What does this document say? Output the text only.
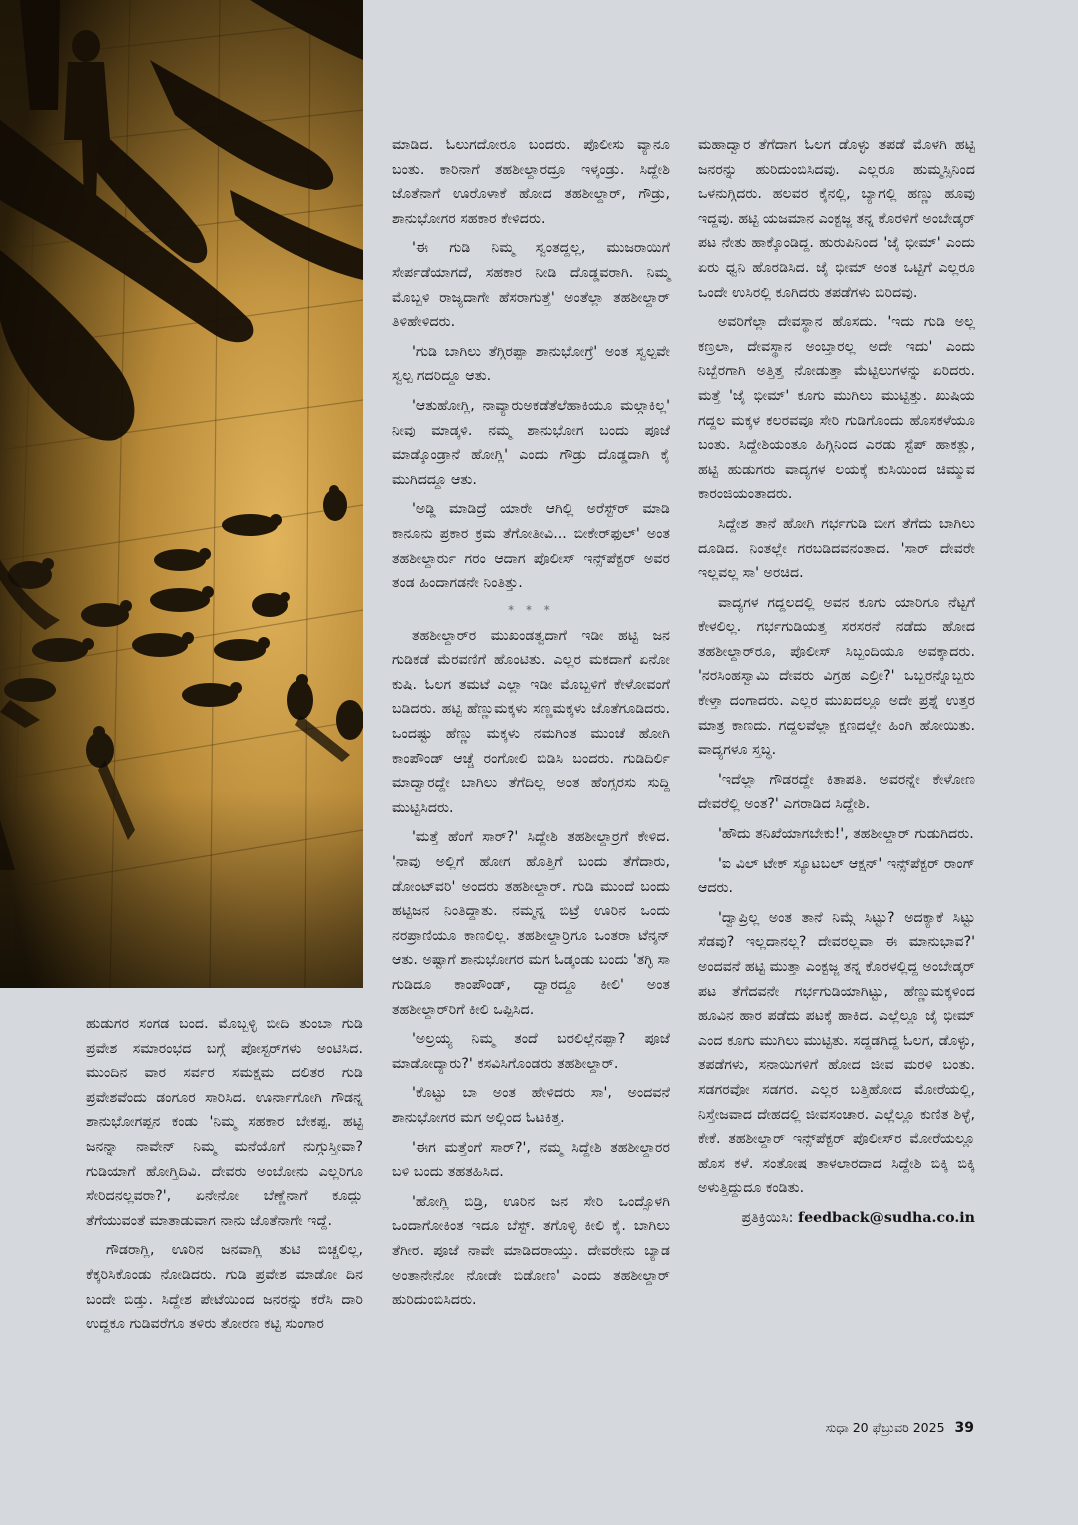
ಹುಡುಗರ ಸಂಗಡ ಬಂದ. ಮೊಬ್ಬಳ್ಳಿ ಬೀದಿ ತುಂಬಾ ಗುಡಿ ಪ್ರವೇಶ ಸಮಾರಂಭದ ಬಗ್ಗೆ ಪೋಸ್ಟರ್‌ಗಳು ಅಂಟಿಸಿದ. ಮುಂದಿನ ವಾರ ಸರ್ವರ ಸಮಕ್ಷಮ ದಲಿತರ ಗುಡಿ ಪ್ರವೇಶವೆಂದು ಡಂಗೂರ ಸಾರಿಸಿದ. ಊರ್ನಾಗೋಗಿ ಗೌಡನ್ನ ಶಾನುಭೋಗಪ್ಪನ ಕಂಡು 'ನಿಮ್ಮ ಸಹಕಾರ ಬೇಕಪ್ಪ. ಹಟ್ಟಿ ಜನನ್ನಾ ನಾವೇನ್ ನಿಮ್ಮ ಮನೆಯೊಗೆ ನುಗ್ಗುಸ್ತೀವಾ? ಗುಡಿಯಾಗೆ ಹೋಗ್ತಿದಿವಿ. ದೇವರು ಅಂಬೋನು ಎಲ್ಲರಿಗೂ ಸೇರಿದನಲ್ಲವರಾ?', ಏನೇನೋ ಬೆಣ್ಣೆನಾಗೆ ಕೂದ್ಲು ತೆಗೆಯುವಂತೆ ಮಾತಾಡುವಾಗ ನಾನು ಜೊತೆನಾಗೇ ಇದ್ದೆ.

ಗೌಡರಾಗ್ಲಿ, ಊರಿನ ಜನವಾಗ್ಲಿ ತುಟಿ ಬಿಚ್ಚಲಿಲ್ಲ, ಕೆಕ್ಕರಿಸಿಕೊಂಡು ನೋಡಿದರು. ಗುಡಿ ಪ್ರವೇಶ ಮಾಡೋ ದಿನ ಬಂದೇ ಬಿಡ್ತು. ಸಿದ್ದೇಶ ಪೇಟೆಯಿಂದ ಜನರನ್ನು ಕರೆಸಿ ದಾರಿ ಉದ್ದಕೂ ಗುಡಿವರೆಗೂ ತಳಿರು ತೋರಣ ಕಟ್ಟಿ ಸುಂಗಾರ

ಮಾಡಿದ. ಓಲುಗದೋರೂ ಬಂದರು. ಪೊಲೀಸು ವ್ಯಾನೂ ಬಂತು. ಕಾರಿನಾಗೆ ತಹಶೀಲ್ದಾರದ್ರೂ ಇಳ್ಕಂಡ್ರು. ಸಿದ್ದೇಶಿ ಜೊತೆನಾಗೆ ಊರೊಳಾಕೆ ಹೋದ ತಹಶೀಲ್ದಾರ್, ಗೌಡ್ರು, ಶಾನುಭೋಗರ ಸಹಕಾರ ಕೇಳಿದರು.

'ಈ ಗುಡಿ ನಿಮ್ಮ ಸ್ವಂತದ್ದಲ್ಲ, ಮುಜರಾಯಿಗೆ ಸೇರ್ಪಡೆಯಾಗದೆ, ಸಹಕಾರ ನೀಡಿ ದೊಡ್ಡವರಾಗಿ. ನಿಮ್ಮ ಮೊಬ್ಬಳಿ ರಾಜ್ಯದಾಗೇ ಹೆಸರಾಗುತ್ತೆ' ಅಂತೆಲ್ಲಾ ತಹಶೀಲ್ದಾರ್ ತಿಳಿಹೇಳಿದರು.

'ಗುಡಿ ಬಾಗಿಲು ತೆಗ್ಗಿರಪ್ಪಾ ಶಾನುಭೋಗ್ರೆ' ಅಂತ ಸ್ವಲ್ಪವೇ ಸ್ವಲ್ಪ ಗದರಿದ್ದೂ ಆತು.

'ಆತುಹೋಗ್ಲಿ, ನಾವ್ಯಾರುಅಕಡೆತೆಲೆಹಾಕಿಯೂ ಮಲ್ಗಾಕಿಲ್ಲ' ನೀವು ಮಾಡ್ಕಳಿ. ನಮ್ಮ ಶಾನುಭೋಗ ಬಂದು ಪೂಜೆ ಮಾಡ್ಕೊಂಡ್ರಾನೆ ಹೋಗ್ಲಿ' ಎಂದು ಗೌಡ್ರು ದೊಡ್ಡದಾಗಿ ಕೈ ಮುಗಿದದ್ದೂ ಆತು.

'ಅಡ್ಡಿ ಮಾಡಿದ್ರೆ ಯಾರೇ ಆಗಿಲ್ಲಿ ಅರೆಸ್ಟ್‌ರ್ ಮಾಡಿ ಕಾನೂನು ಪ್ರಕಾರ ಕ್ರಮ ತೆಗೋತೀವಿ... ಬೀಕೇರ್‌ಫುಲ್' ಅಂತ ತಹಶೀಲ್ದಾರ್ರು ಗರಂ ಆದಾಗ ಪೊಲೀಸ್ ಇನ್ಸ್‌ಪೆಕ್ಟರ್ ಅವರ ತಂಡ ಹಿಂದಾಗಡನೇ ನಿಂತಿತ್ತು.

* * *

ತಹಶೀಲ್ದಾರ್‌ರ ಮುಖಂಡತ್ವದಾಗೆ ಇಡೀ ಹಟ್ಟಿ ಜನ ಗುಡಿಕಡೆ ಮೆರವಣಿಗೆ ಹೊಂಟಿತು. ಎಲ್ಲರ ಮಕದಾಗೆ ಏನೋ ಕುಷಿ. ಓಲಗ ತಮಟೆ ಎಲ್ಲಾ ಇಡೀ ಮೊಬ್ಬಳಿಗೆ ಕೇಳೋವಂಗೆ ಬಡಿದರು. ಹಟ್ಟಿ ಹೆಣ್ಣುಮಕ್ಕಳು ಸಣ್ಣಮಕ್ಕಳು ಜೊತೆಗೂಡಿದರು. ಒಂದಷ್ಟು ಹೆಣ್ಣು ಮಕ್ಕಳು ನಮಗಿಂತ ಮುಂಚೆ ಹೋಗಿ ಕಾಂಪೌಂಡ್ ಆಚ್ಚೆ ರಂಗೋಲಿ ಬಿಡಿಸಿ ಬಂದರು. ಗುಡಿದಿರ್ಲಿ ಮಾದ್ವಾರದ್ದೇ ಬಾಗಿಲು ತೆಗೆದಿಲ್ಲ ಅಂತ ಹೆಂಗ್ಸರಸು ಸುದ್ದಿ ಮುಟ್ಟಿಸಿದರು.

'ಮತ್ತೆ ಹೆಂಗೆ ಸಾರ್?' ಸಿದ್ದೇಶಿ ತಹಶೀಲ್ದಾರ್ರಗೆ ಕೇಳಿದ. 'ನಾವು ಅಲ್ಲಿಗೆ ಹೋಗ ಹೊತ್ತಿಗೆ ಬಂದು ತೆಗೆದಾರು, ಡೋಂಟ್‌ವರಿ' ಅಂದರು ತಹಶೀಲ್ದಾರ್. ಗುಡಿ ಮುಂದೆ ಬಂದು ಹಟ್ಟಿಜನ ನಿಂತಿದ್ದಾತು. ನಮ್ಮನ್ನ ಬಿಟ್ರೆ ಊರಿನ ಒಂದು ನರಪ್ರಾಣಿಯೂ ಕಾಣಲಿಲ್ಲ. ತಹಶೀಲ್ದಾರ್ರಿಗೂ ಒಂತರಾ ಟೆನ್ಶನ್ ಆತು. ಅಷ್ಟಾಗೆ ಶಾನುಭೋಗರ ಮಗ ಓಡ್ಕಂಡು ಬಂದು 'ತಗ್ಳಿ ಸಾ ಗುಡಿದೂ ಕಾಂಪೌಂಡ್, ದ್ವಾರದ್ದೂ ಕೀಲಿ' ಅಂತ ತಹಶೀಲ್ದಾರ್‌ರಿಗೆ ಕೀಲಿ ಒಪ್ಪಿಸಿದ.

'ಅಲ್ರಯ್ಯ ನಿಮ್ಮ ತಂದೆ ಬರಲಿಲ್ಲೆನಪ್ಪಾ? ಪೂಜೆ ಮಾಡೋದ್ಯಾರು?' ಕಸವಿಸಿಗೊಂಡರು ತಹಶೀಲ್ದಾರ್.

'ಕೊಟ್ಟು ಬಾ ಅಂತ ಹೇಳಿದರು ಸಾ', ಅಂದವನೆ ಶಾನುಭೋಗರ ಮಗ ಅಲ್ಲಿಂದ ಓಟಕಿತ್ತ.

'ಈಗ ಮತ್ತೆಂಗೆ ಸಾರ್?', ನಮ್ಮ ಸಿದ್ದೇಶಿ ತಹಶೀಲ್ದಾರರ ಬಳಿ ಬಂದು ತಹತಹಿಸಿದ.

'ಹೋಗ್ಲಿ ಬಿಡ್ರಿ, ಊರಿನ ಜನ ಸೇರಿ ಒಂದ್ಸೊಳಗಿ ಒಂದಾಗೋಕಿಂತ ಇದೂ ಬೆಸ್ಟ್. ತಗೊಳ್ಳಿ ಕೀಲಿ ಕೈ. ಬಾಗಿಲು ತೆಗೀರ. ಪೂಜೆ ನಾವೇ ಮಾಡಿದರಾಯ್ತು. ದೇವರೇನು ಬ್ಯಾಡ ಅಂತಾನೇನೋ ನೋಡೇ ಬಿಡೋಣ' ಎಂದು ತಹಶೀಲ್ದಾರ್ ಹುರಿದುಂಬಿಸಿದರು.

ಮಹಾದ್ವಾರ ತೆಗೆದಾಗ ಓಲಗ ಡೊಳ್ಳು ತಪಡೆ ಮೊಳಗಿ ಹಟ್ಟಿ ಜನರನ್ನು ಹುರಿದುಂಬಿಸಿದವು. ಎಲ್ಲರೂ ಹುಮ್ಮಸ್ಸಿನಿಂದ ಒಳನುಗ್ಗಿದರು. ಹಲವರ ಕೈನಲ್ಲಿ, ಬ್ಯಾಗಲ್ಲಿ ಹಣ್ಣು ಹೂವು ಇದ್ದವು. ಹಟ್ಟಿ ಯಜಮಾನ ಎಂಕ್ಟಜ್ಜ ತನ್ನ ಕೊರಳಿಗೆ ಅಂಬೇಡ್ಕರ್ ಪಟ ನೇತು ಹಾಕ್ಕೊಂಡಿದ್ದ. ಹುರುಪಿನಿಂದ 'ಜೈ ಭೀಮ್' ಎಂದು ಏರು ಧ್ವನಿ ಹೊರಡಿಸಿದ. ಜೈ ಭೀಮ್ ಅಂತ ಒಟ್ಟಿಗೆ ಎಲ್ಲರೂ ಒಂದೇ ಉಸಿರಲ್ಲಿ ಕೂಗಿದರು ತಪಡೆಗಳು ಬಿರಿದವು.

ಅವರಿಗೆಲ್ಲಾ ದೇವಸ್ಥಾನ ಹೊಸದು. 'ಇದು ಗುಡಿ ಅಲ್ಲ ಕಣ್ರಲಾ, ದೇವಸ್ಥಾನ ಅಂಬ್ತಾರಲ್ಲ ಅದೇ ಇದು' ಎಂದು ನಿಬ್ಬೆರಗಾಗಿ ಅತ್ತಿತ್ತ ನೋಡುತ್ತಾ ಮೆಟ್ಟಿಲುಗಳನ್ನು ಏರಿದರು. ಮತ್ತೆ 'ಜೈ ಭೀಮ್' ಕೂಗು ಮುಗಿಲು ಮುಟ್ಟಿತ್ತು. ಖುಷಿಯ ಗದ್ದಲ ಮಕ್ಕಳ ಕಲರವವೂ ಸೇರಿ ಗುಡಿಗೊಂದು ಹೊಸಕಳೆಯೂ ಬಂತು. ಸಿದ್ದೇಶಿಯಂತೂ ಹಿಗ್ಗಿನಿಂದ ಎರಡು ಸ್ಟೆಪ್ ಹಾಕತ್ಲು, ಹಟ್ಟಿ ಹುಡುಗರು ವಾದ್ಯಗಳ ಲಯಕ್ಕೆ ಕುಸಿಯಿಂದ ಚಿಮ್ಮುವ ಕಾರಂಜಿಯಂತಾದರು.

ಸಿದ್ದೇಶ ತಾನೆ ಹೋಗಿ ಗರ್ಭಗುಡಿ ಬೀಗ ತೆಗೆದು ಬಾಗಿಲು ದೂಡಿದ. ನಿಂತಲ್ಲೇ ಗರಬಡಿದವನಂತಾದ. 'ಸಾರ್ ದೇವರೇ ಇಲ್ಲವಲ್ಲ ಸಾ' ಅರಚಿದ.

ವಾದ್ಯಗಳ ಗದ್ದಲದಲ್ಲಿ ಅವನ ಕೂಗು ಯಾರಿಗೂ ನೆಟ್ಟಗೆ ಕೇಳಲಿಲ್ಲ. ಗರ್ಭಗುಡಿಯತ್ತ ಸರಸರನೆ ನಡೆದು ಹೋದ ತಹಶೀಲ್ದಾರ್‌ರೂ, ಪೊಲೀಸ್ ಸಿಬ್ಬಂದಿಯೂ ಅವಕ್ಕಾದರು. 'ನರಸಿಂಹಸ್ವಾಮಿ ದೇವರು ವಿಗ್ರಹ ಎಲ್ರೀ?' ಒಬ್ಬರನ್ನೊಬ್ಬರು ಕೇಳ್ತಾ ದಂಗಾದರು. ಎಲ್ಲರ ಮುಖದಲ್ಲೂ ಅದೇ ಪ್ರಶ್ನೆ ಉತ್ತರ ಮಾತ್ರ ಕಾಣದು. ಗದ್ದಲವೆಲ್ಲಾ ಕ್ಷಣದಲ್ಲೇ ಹಿಂಗಿ ಹೋಯಿತು. ವಾದ್ಯಗಳೂ ಸ್ತಬ್ಧ.

'ಇದೆಲ್ಲಾ ಗೌಡರದ್ದೇ ಕಿತಾಪತಿ. ಅವರನ್ನೇ ಕೇಳೋಣ ದೇವರೆಲ್ಲಿ ಅಂತ?' ಎಗರಾಡಿದ ಸಿದ್ದೇಶಿ.

'ಹೌದು ತನಿಖೆಯಾಗಬೇಕು!', ತಹಶೀಲ್ದಾರ್ ಗುಡುಗಿದರು.

'ಐ ವಿಲ್ ಟೇಕ್ ಸ್ಯೂಟಬಲ್ ಆಕ್ಷನ್' ಇನ್ಸ್‌ಪೆಕ್ಟರ್ ರಾಂಗ್ ಆದರು.

'ದ್ವಾಪ್ರಿಲ್ಲ ಅಂತ ತಾನೆ ನಿಮ್ಗೆ ಸಿಟ್ಟು? ಅದಕ್ಯಾಕೆ ಸಿಟ್ಟು ಸೆಡವು? ಇಲ್ಲದಾನಲ್ಲ? ದೇವರಲ್ಲವಾ ಈ ಮಾನುಭಾವ?' ಅಂದವನೆ ಹಟ್ಟಿ ಮುತ್ತಾ ಎಂಕ್ಟಜ್ಜ ತನ್ನ ಕೊರಳಲ್ಲಿದ್ದ ಅಂಬೇಡ್ಕರ್ ಪಟ ತೆಗೆದವನೇ ಗರ್ಭಗುಡಿಯಾಗಿಟ್ಟು, ಹೆಣ್ಣುಮಕ್ಕಳಿಂದ ಹೂವಿನ ಹಾರ ಪಡೆದು ಪಟಕ್ಕೆ ಹಾಕಿದ. ಎಲ್ಲೆಲ್ಲೂ ಜೈ ಭೀಮ್ ಎಂದ ಕೂಗು ಮುಗಿಲು ಮುಟ್ಟಿತು. ಸದ್ದಡಗಿದ್ದ ಓಲಗ, ಡೊಳ್ಳು, ತಪಡೆಗಳು, ಸನಾಯಿಗಳಿಗೆ ಹೋದ ಜೀವ ಮರಳಿ ಬಂತು. ಸಡಗರವೋ ಸಡಗರ. ಎಲ್ಲರ ಬತ್ತಿಹೋದ ಮೋರೆಯಲ್ಲಿ, ನಿಸ್ತೇಜವಾದ ದೇಹದಲ್ಲಿ ಜೀವಸಂಚಾರ. ಎಲ್ಲೆಲ್ಲೂ ಕುಣಿತ ಶಿಳ್ಳೆ, ಕೇಕೆ. ತಹಶೀಲ್ದಾರ್ ಇನ್ಸ್‌ಪೆಕ್ಟರ್ ಪೊಲೀಸ್‌ರ ಮೋರೆಯಲ್ಲೂ ಹೊಸ ಕಳೆ. ಸಂತೋಷ ತಾಳಲಾರದಾದ ಸಿದ್ದೇಶಿ ಬಿಕ್ಕಿ ಬಿಕ್ಕಿ ಅಳುತ್ತಿದ್ದುದೂ ಕಂಡಿತು.

ಪ್ರತಿಕ್ರಿಯಿಸಿ: feedback@sudha.co.in
ಸುಧಾ 20 ಫೆಬ್ರುವರಿ 2025 39
